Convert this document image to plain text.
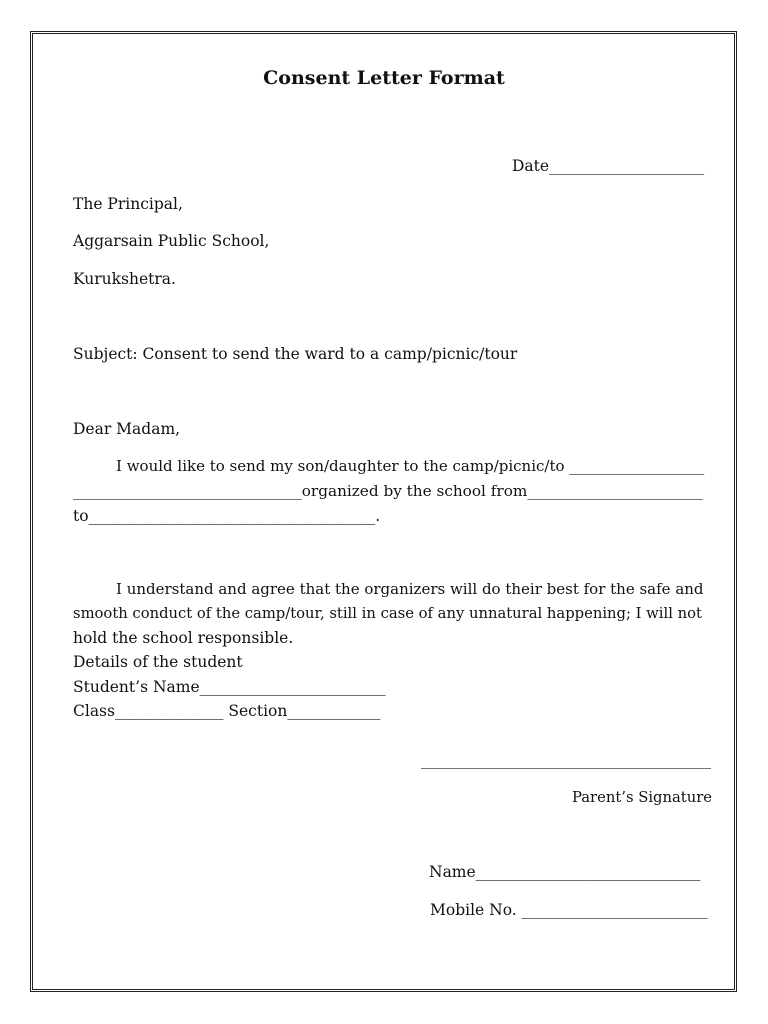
Consent Letter Format

Date____________________

The Principal,

Aggarsain Public School,

Kurukshetra.

Subject: Consent to send the ward to a camp/picnic/tour

Dear Madam,

I would like to send my son/daughter to the camp/picnic/to __________________

______________________________organized by the school from_______________________

to_____________________________________.

I understand and agree that the organizers will do their best for the safe and

smooth conduct of the camp/tour, still in case of any unnatural happening; I will not

hold the school responsible.

Details of the student

Student’s Name________________________

Class______________ Section____________

________________________________________

Parent’s Signature

Name_____________________________

Mobile No. ________________________
